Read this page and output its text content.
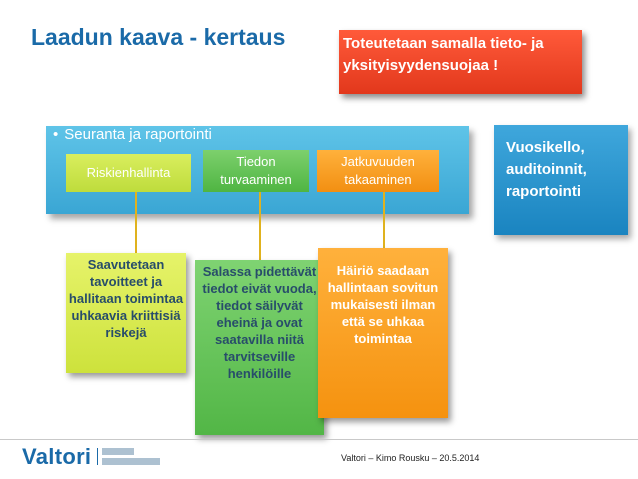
Laadun kaava - kertaus	Toteutetaan samalla tieto- ja yksityisyydensuojaa !
• Seuranta ja raportointi
Riskienhallinta
Tiedon turvaaminen
Jatkuvuuden takaaminen
Vuosikello, auditoinnit, raportointi
Saavutetaan tavoitteet ja hallitaan toimintaa uhkaavia kriittisiä riskejä
Salassa pidettävät tiedot eivät vuoda, tiedot säilyvät eheinä ja ovat saatavilla niitä tarvitseville henkilöille
Häiriö saadaan hallintaan sovitun mukaisesti ilman että se uhkaa toimintaa
Valtori	Valtori – Kimo Rousku – 20.5.2014
